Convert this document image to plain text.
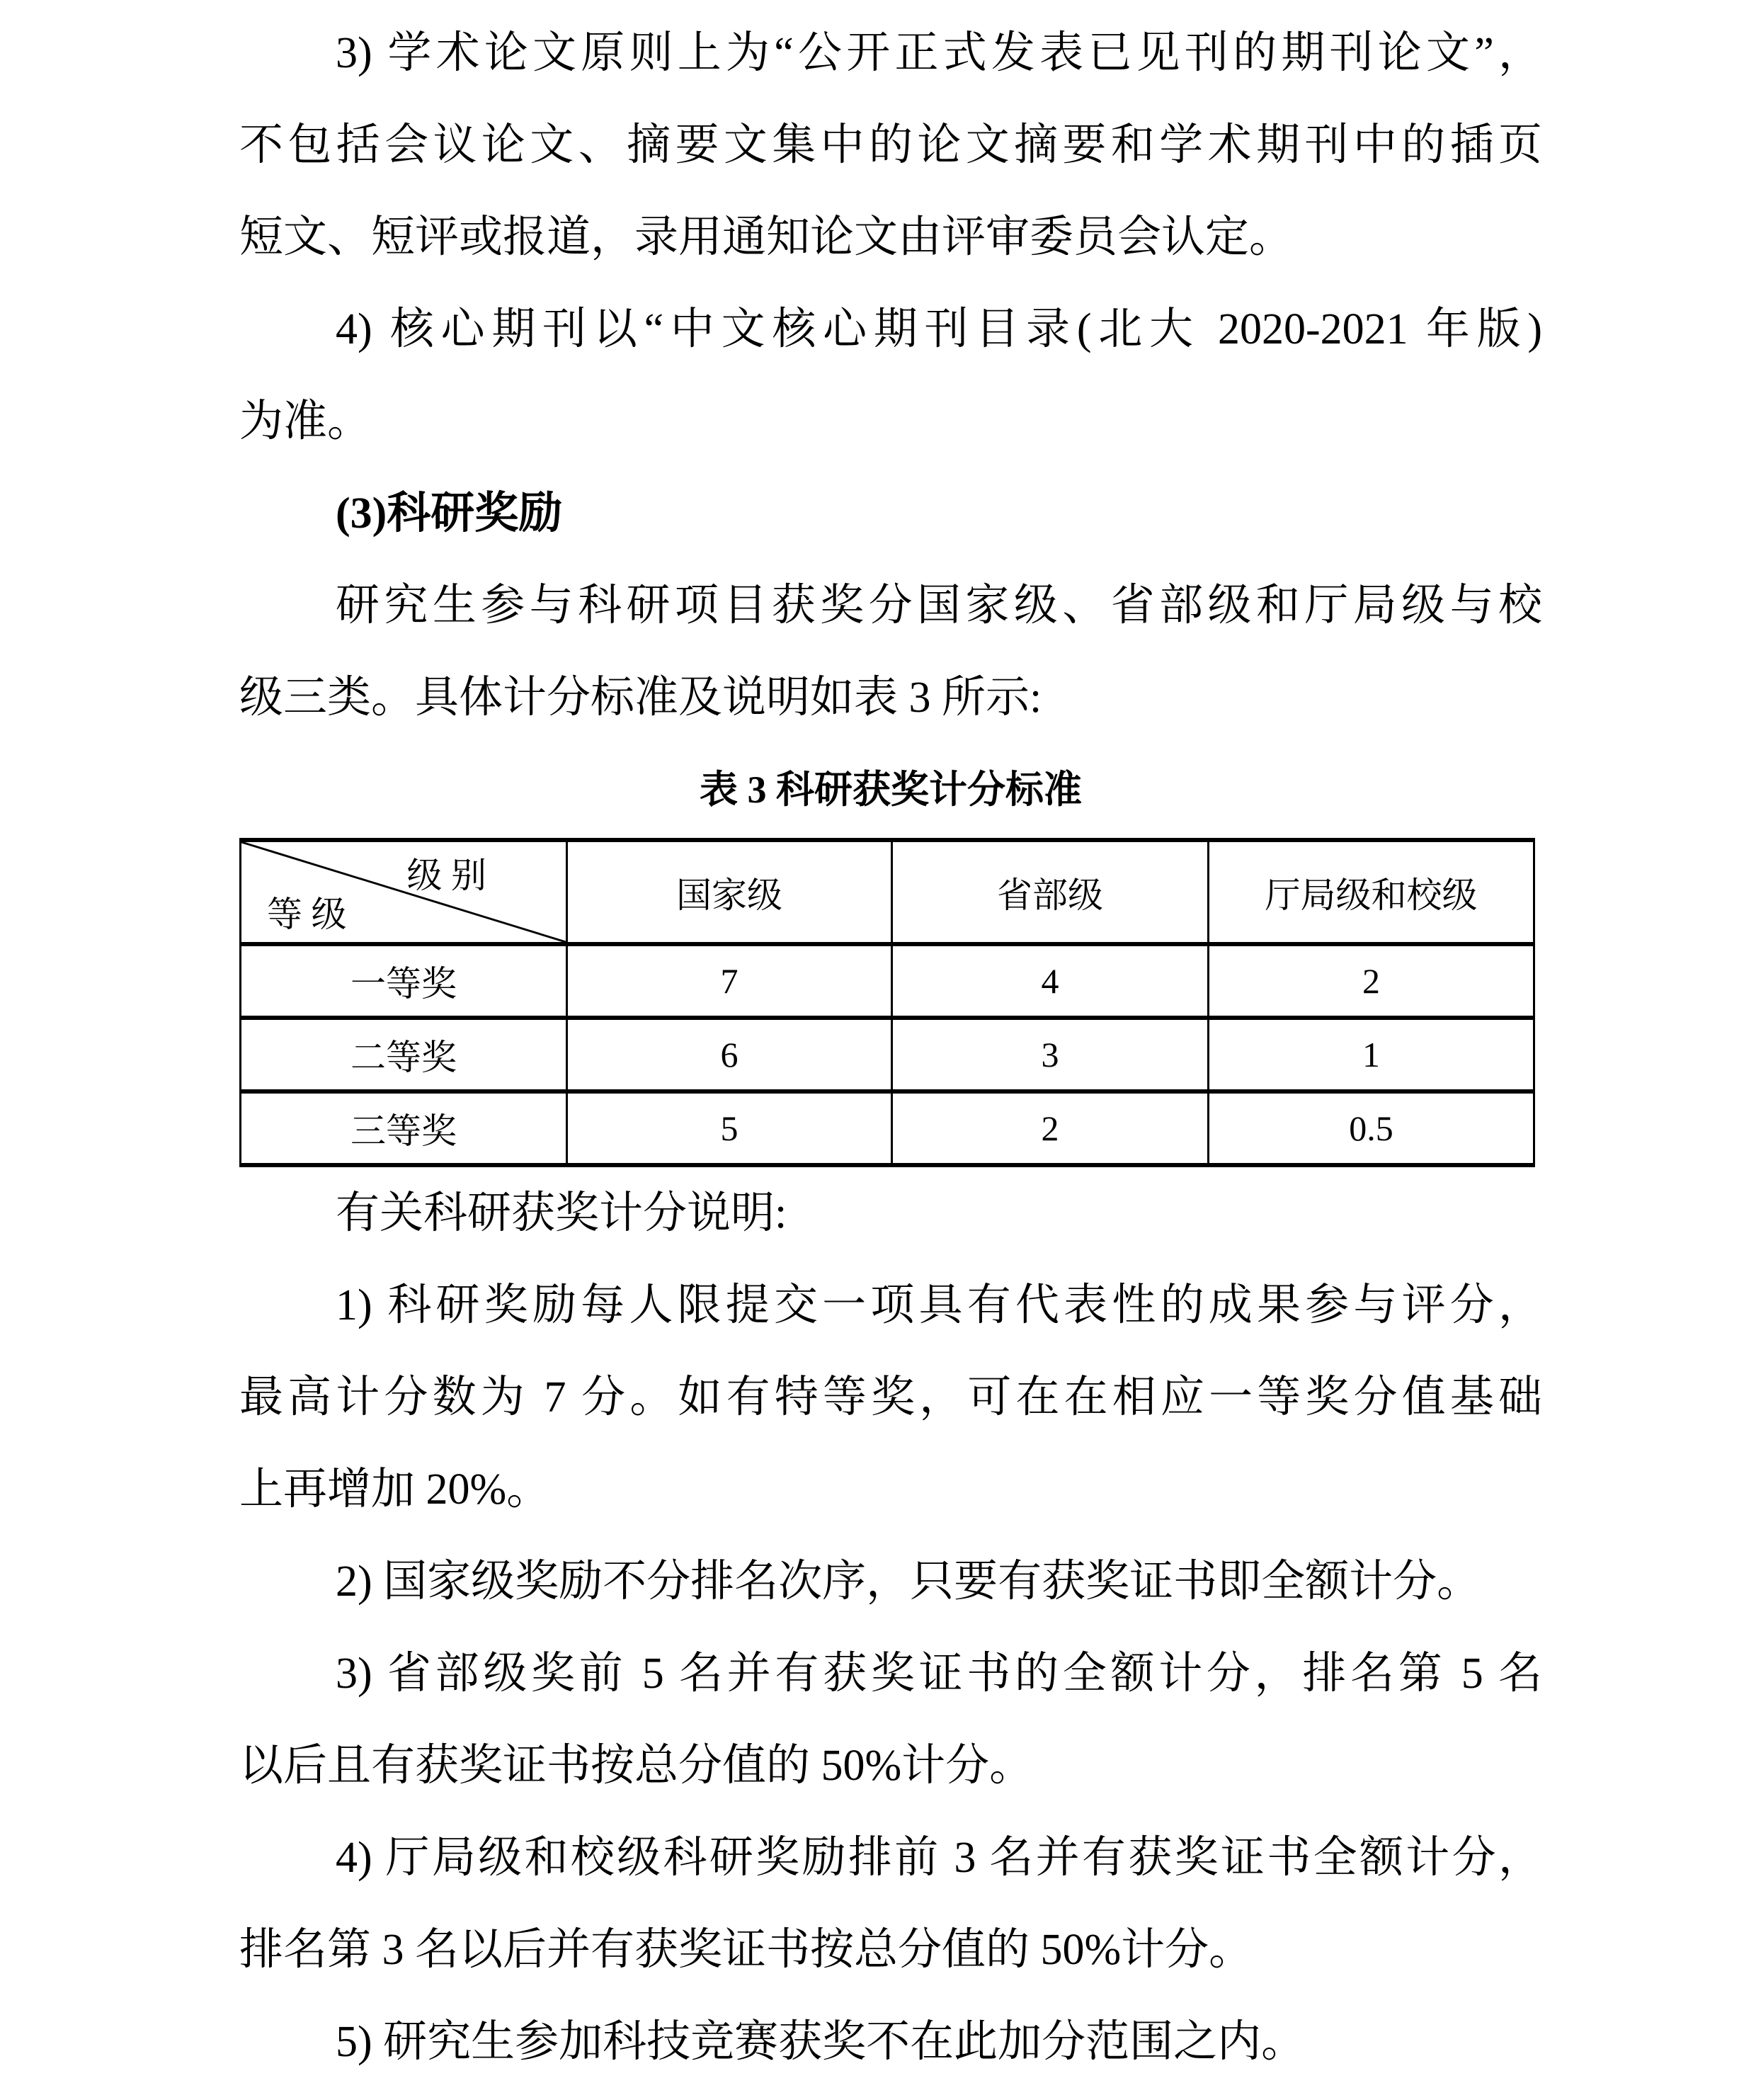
3) 学术论文原则上为“公开正式发表已见刊的期刊论文”，
不包括会议论文、摘要文集中的论文摘要和学术期刊中的插页
短文、短评或报道，录用通知论文由评审委员会认定。
4) 核心期刊以“中文核心期刊目录(北大 2020-2021 年版)
为准。
(3)科研奖励
研究生参与科研项目获奖分国家级、省部级和厅局级与校
级三类。具体计分标准及说明如表 3 所示:
表 3 科研获奖计分标准
级 别
等 级	国家级	省部级	厅局级和校级
一等奖	7	4	2
二等奖	6	3	1
三等奖	5	2	0.5
有关科研获奖计分说明:
1) 科研奖励每人限提交一项具有代表性的成果参与评分，
最高计分数为 7 分。如有特等奖，可在在相应一等奖分值基础
上再增加 20%。
2) 国家级奖励不分排名次序，只要有获奖证书即全额计分。
3) 省部级奖前 5 名并有获奖证书的全额计分，排名第 5 名
以后且有获奖证书按总分值的 50%计分。
4) 厅局级和校级科研奖励排前 3 名并有获奖证书全额计分，
排名第 3 名以后并有获奖证书按总分值的 50%计分。
5) 研究生参加科技竞赛获奖不在此加分范围之内。
